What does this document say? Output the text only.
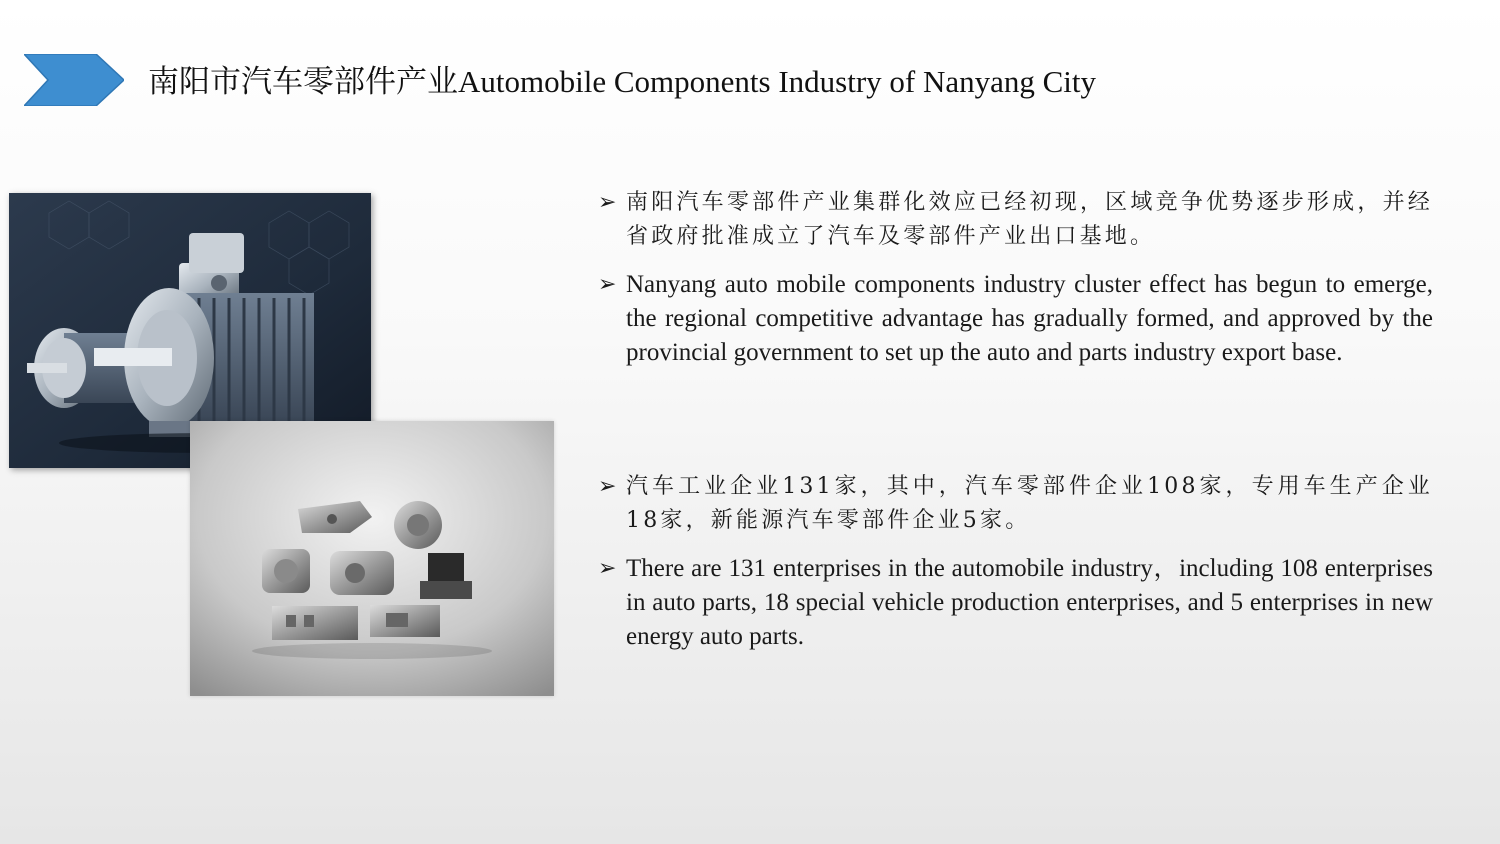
南阳市汽车零部件产业Automobile Components Industry of Nanyang City

➢ 南阳汽车零部件产业集群化效应已经初现，区域竞争优势逐步形成，并经省政府批准成立了汽车及零部件产业出口基地。

➢ Nanyang auto mobile components industry cluster effect has begun to emerge, the regional competitive advantage has gradually formed, and approved by the provincial government to set up the auto and parts industry export base.

➢ 汽车工业企业131家，其中，汽车零部件企业108家，专用车生产企业18家，新能源汽车零部件企业5家。

➢ There are 131 enterprises in the automobile industry，including 108 enterprises in auto parts, 18 special vehicle production enterprises, and 5 enterprises in new energy auto parts.
